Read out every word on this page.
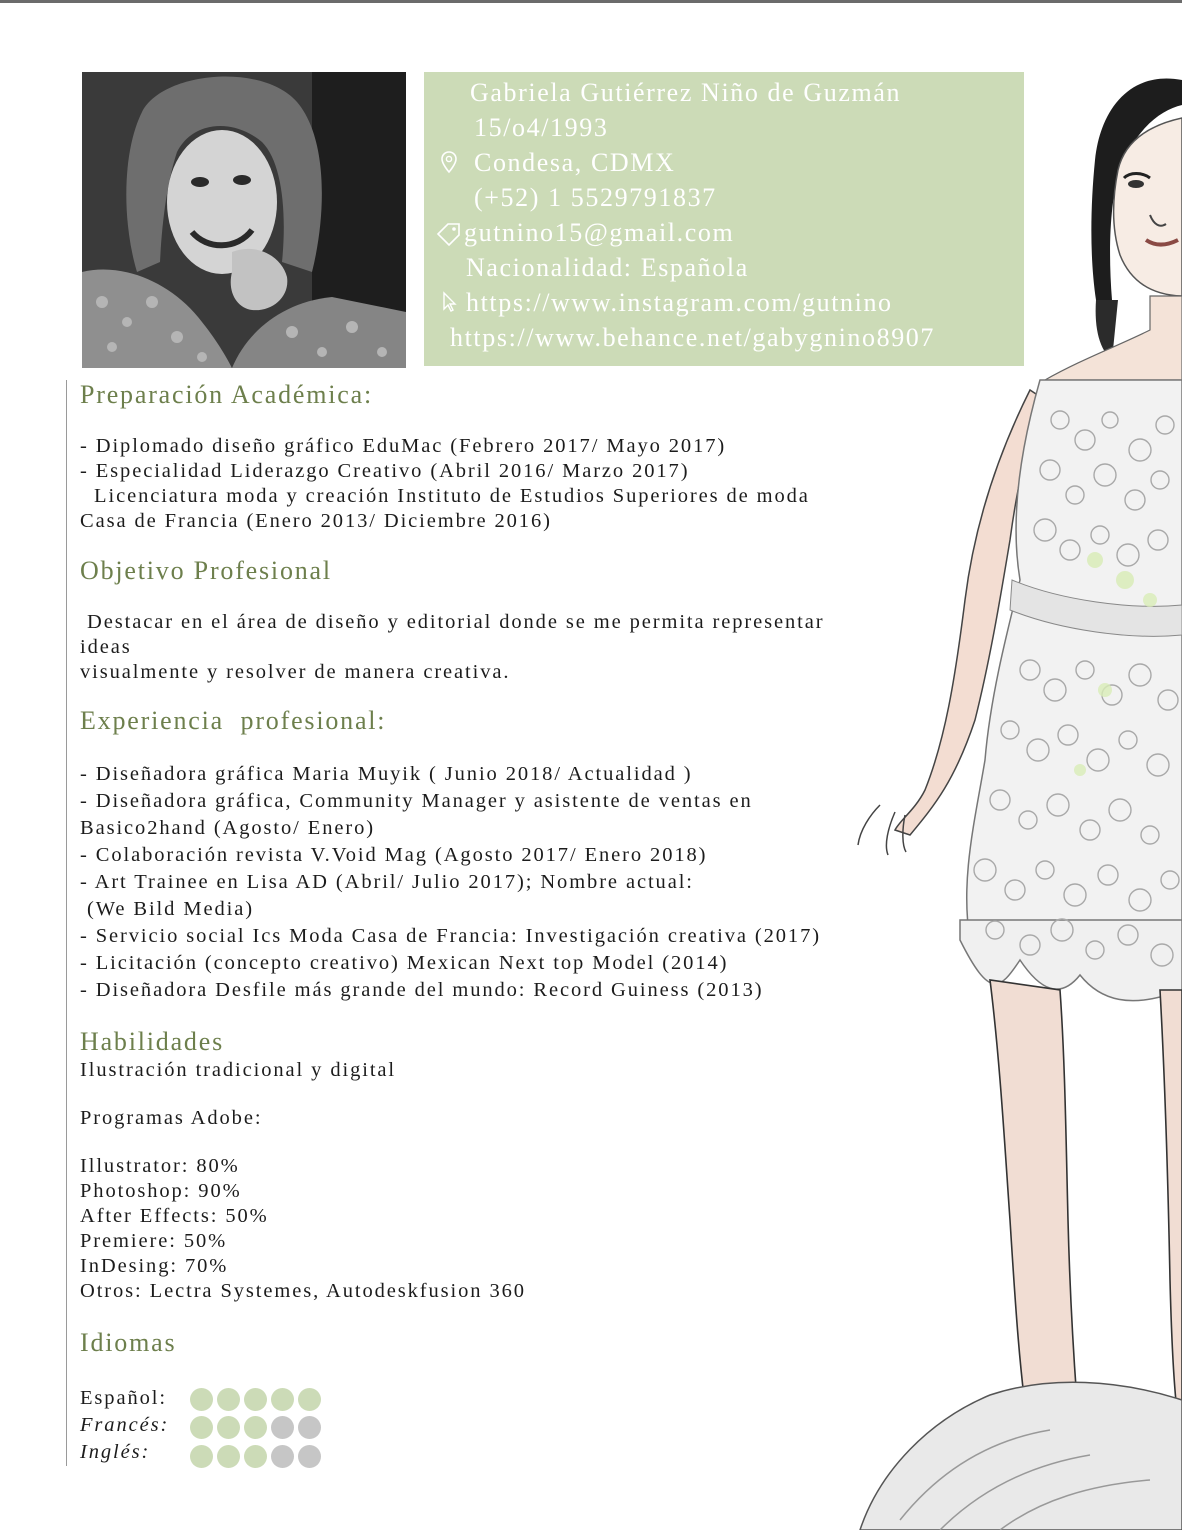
Gabriela Gutiérrez Niño de Guzmán
15/o4/1993
Condesa, CDMX
(+52) 1 5529791837
gutnino15@gmail.com
Nacionalidad: Española
https://www.instagram.com/gutnino
https://www.behance.net/gabygnino8907
Preparación Académica:
- Diplomado diseño gráfico EduMac (Febrero 2017/ Mayo 2017)
- Especialidad Liderazgo Creativo (Abril 2016/ Marzo 2017)
Licenciatura moda y creación Instituto de Estudios Superiores de moda
Casa de Francia (Enero 2013/ Diciembre 2016)
Objetivo Profesional
Destacar en el área de diseño y editorial donde se me permita representar
ideas
visualmente y resolver de manera creativa.
Experiencia  profesional:
- Diseñadora gráfica Maria Muyik ( Junio 2018/ Actualidad )
- Diseñadora gráfica, Community Manager y asistente de ventas en
Basico2hand (Agosto/ Enero)
- Colaboración revista V.Void Mag (Agosto 2017/ Enero 2018)
- Art Trainee en Lisa AD (Abril/ Julio 2017); Nombre actual:
(We Bild Media)
- Servicio social Ics Moda Casa de Francia: Investigación creativa (2017)
- Licitación (concepto creativo) Mexican Next top Model (2014)
- Diseñadora Desfile más grande del mundo: Record Guiness (2013)
Habilidades
Ilustración tradicional y digital
Programas Adobe:
Illustrator: 80%
Photoshop: 90%
After Effects: 50%
Premiere: 50%
InDesing: 70%
Otros: Lectra Systemes, Autodeskfusion 360
Idiomas
Español:
Francés:
Inglés:
